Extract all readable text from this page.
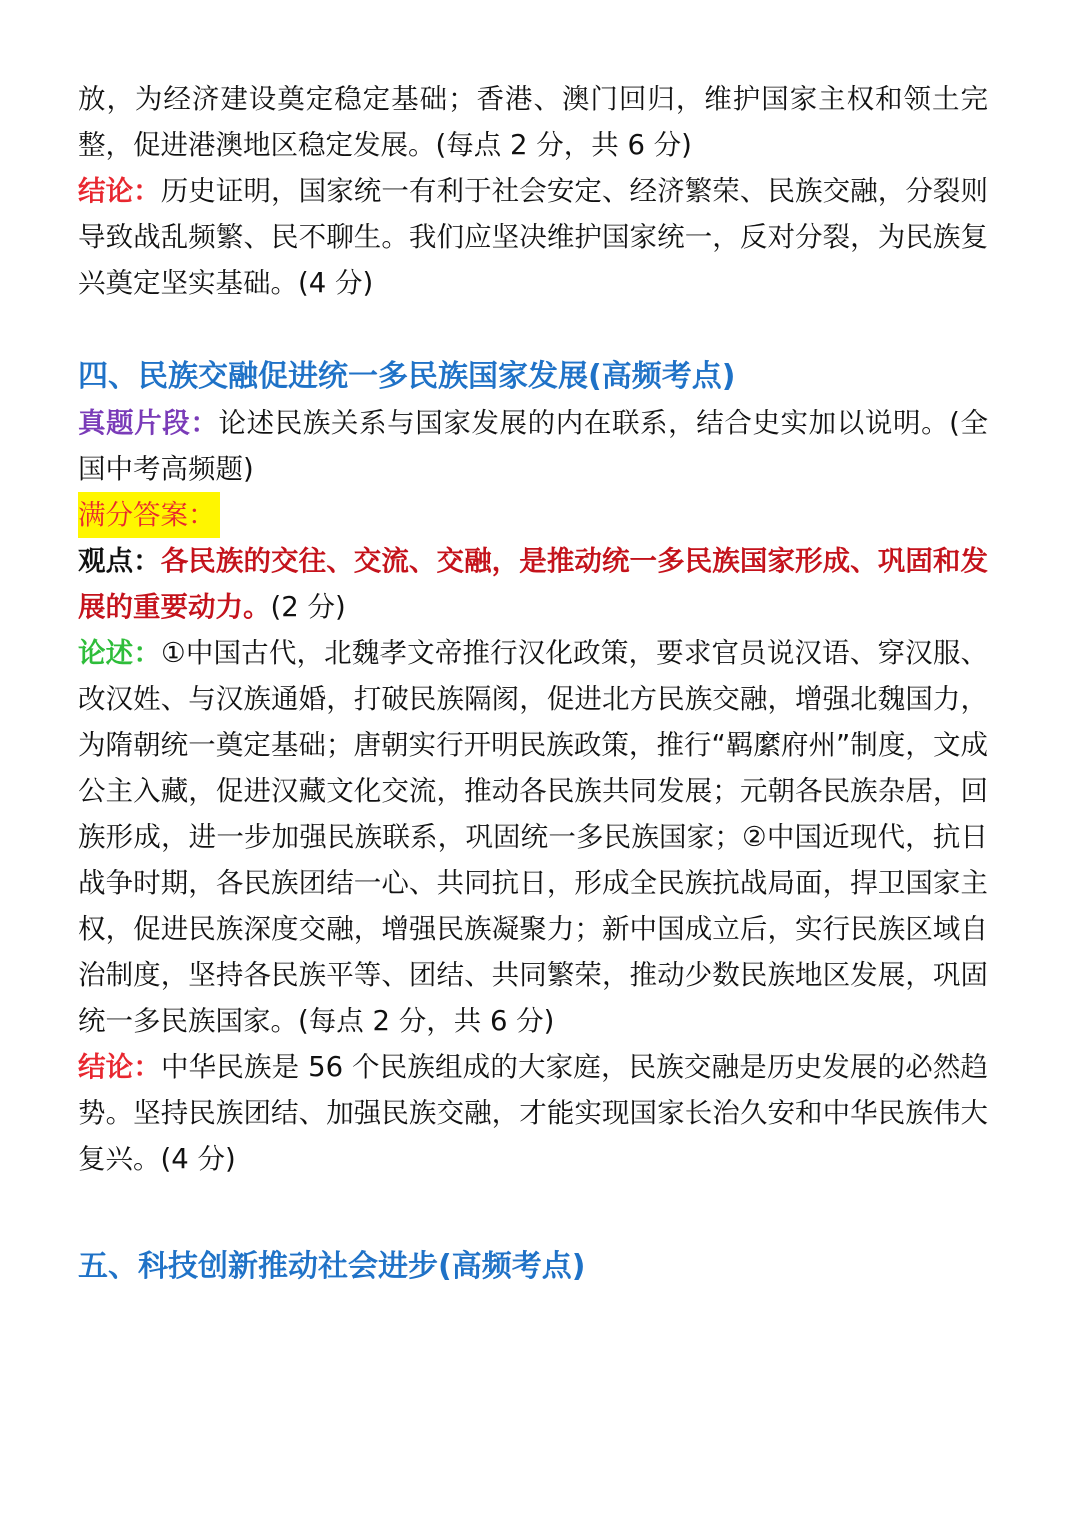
放，为经济建设奠定稳定基础；香港、澳门回归，维护国家主权和领土完整，促进港澳地区稳定发展。(每点 2 分，共 6 分)

结论：历史证明，国家统一有利于社会安定、经济繁荣、民族交融，分裂则导致战乱频繁、民不聊生。我们应坚决维护国家统一，反对分裂，为民族复兴奠定坚实基础。(4 分)

四、民族交融促进统一多民族国家发展(高频考点)

真题片段：论述民族关系与国家发展的内在联系，结合史实加以说明。(全国中考高频题)

满分答案：

观点：各民族的交往、交流、交融，是推动统一多民族国家形成、巩固和发展的重要动力。(2 分)

论述：①中国古代，北魏孝文帝推行汉化政策，要求官员说汉语、穿汉服、改汉姓、与汉族通婚，打破民族隔阂，促进北方民族交融，增强北魏国力，为隋朝统一奠定基础；唐朝实行开明民族政策，推行“羁縻府州”制度，文成公主入藏，促进汉藏文化交流，推动各民族共同发展；元朝各民族杂居，回族形成，进一步加强民族联系，巩固统一多民族国家；②中国近现代，抗日战争时期，各民族团结一心、共同抗日，形成全民族抗战局面，捍卫国家主权，促进民族深度交融，增强民族凝聚力；新中国成立后，实行民族区域自治制度，坚持各民族平等、团结、共同繁荣，推动少数民族地区发展，巩固统一多民族国家。(每点 2 分，共 6 分)

结论：中华民族是 56 个民族组成的大家庭，民族交融是历史发展的必然趋势。坚持民族团结、加强民族交融，才能实现国家长治久安和中华民族伟大复兴。(4 分)

五、科技创新推动社会进步(高频考点)
